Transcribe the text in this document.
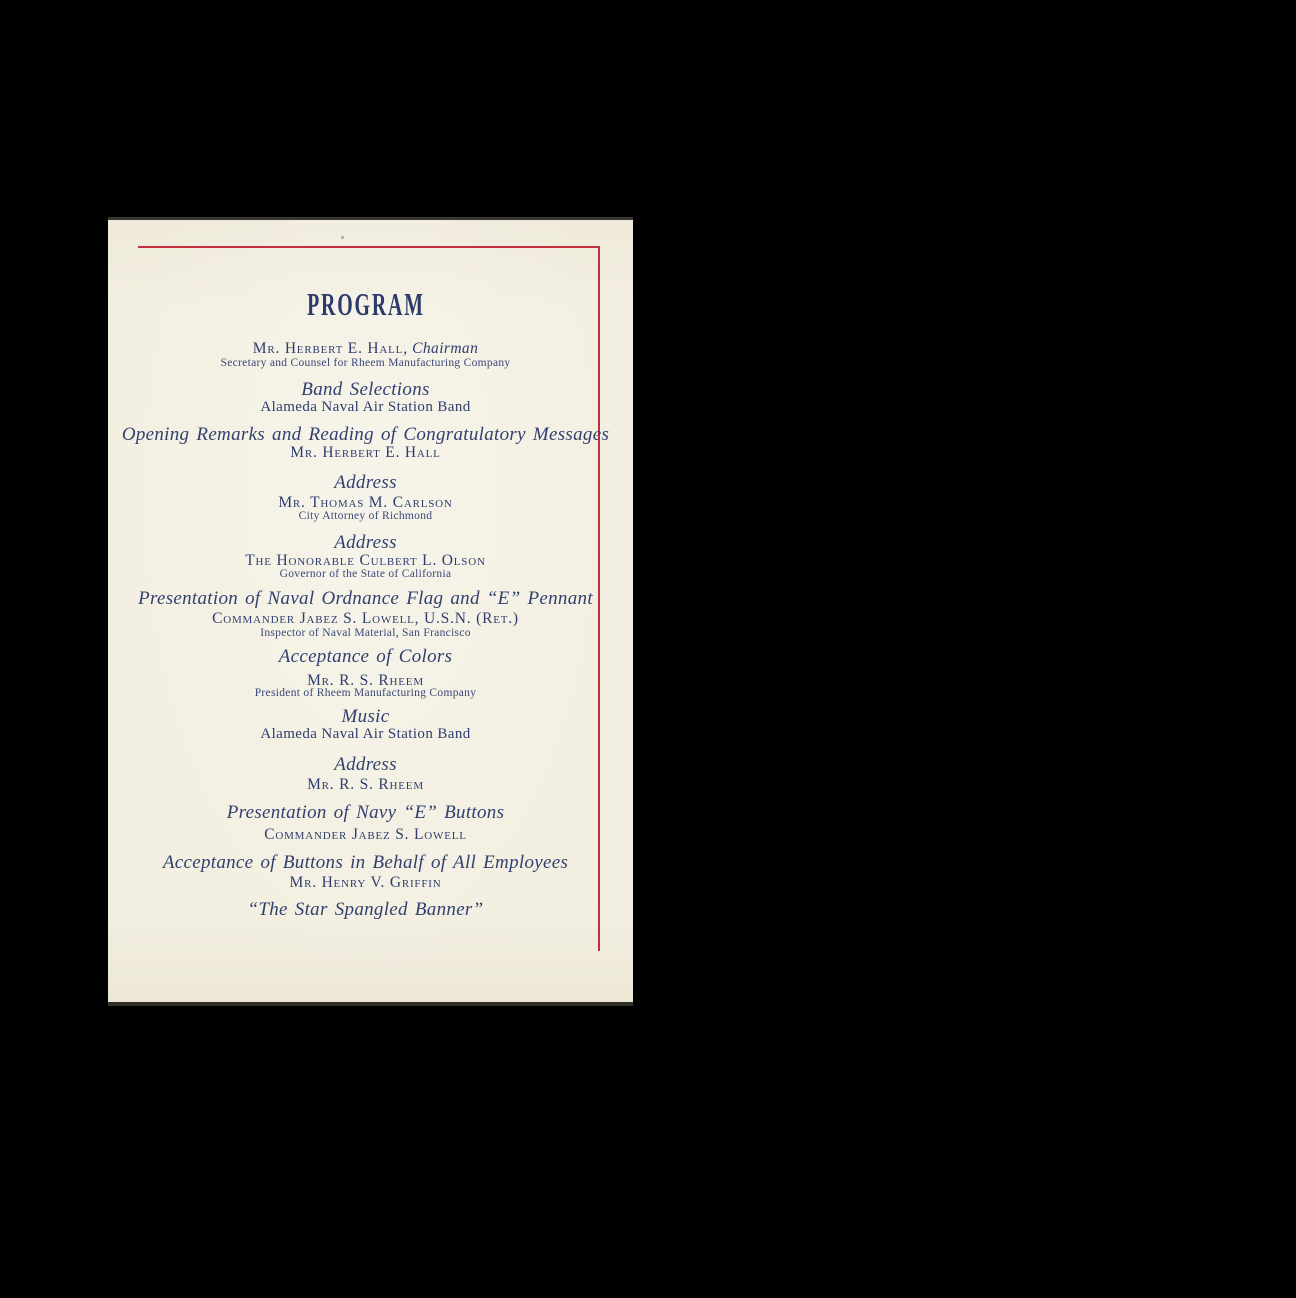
PROGRAM
Mr. Herbert E. Hall, Chairman
Secretary and Counsel for Rheem Manufacturing Company
Band Selections
Alameda Naval Air Station Band
Opening Remarks and Reading of Congratulatory Messages
Mr. Herbert E. Hall
Address
Mr. Thomas M. Carlson
City Attorney of Richmond
Address
The Honorable Culbert L. Olson
Governor of the State of California
Presentation of Naval Ordnance Flag and “E” Pennant
Commander Jabez S. Lowell, U.S.N. (Ret.)
Inspector of Naval Material, San Francisco
Acceptance of Colors
Mr. R. S. Rheem
President of Rheem Manufacturing Company
Music
Alameda Naval Air Station Band
Address
Mr. R. S. Rheem
Presentation of Navy “E” Buttons
Commander Jabez S. Lowell
Acceptance of Buttons in Behalf of All Employees
Mr. Henry V. Griffin
“The Star Spangled Banner”
